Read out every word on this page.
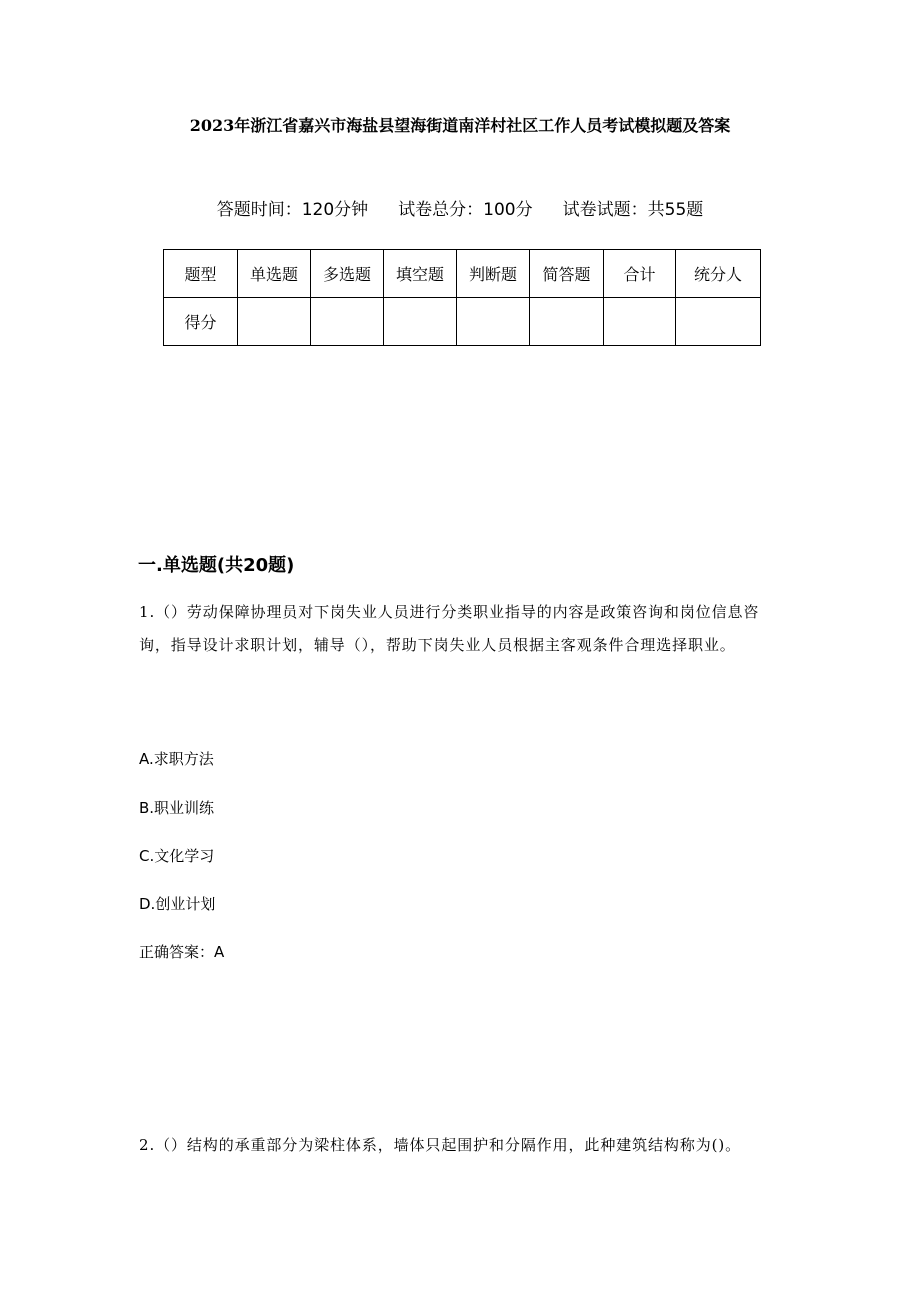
2023年浙江省嘉兴市海盐县望海街道南洋村社区工作人员考试模拟题及答案
答题时间：120分钟 试卷总分：100分 试卷试题：共55题
题型	单选题	多选题	填空题	判断题	简答题	合计	统分人
得分							
一.单选题(共20题)
1.（）劳动保障协理员对下岗失业人员进行分类职业指导的内容是政策咨询和岗位信息咨询，指导设计求职计划，辅导（），帮助下岗失业人员根据主客观条件合理选择职业。
A.求职方法
B.职业训练
C.文化学习
D.创业计划
正确答案：A
2.（）结构的承重部分为梁柱体系，墙体只起围护和分隔作用，此种建筑结构称为()。
